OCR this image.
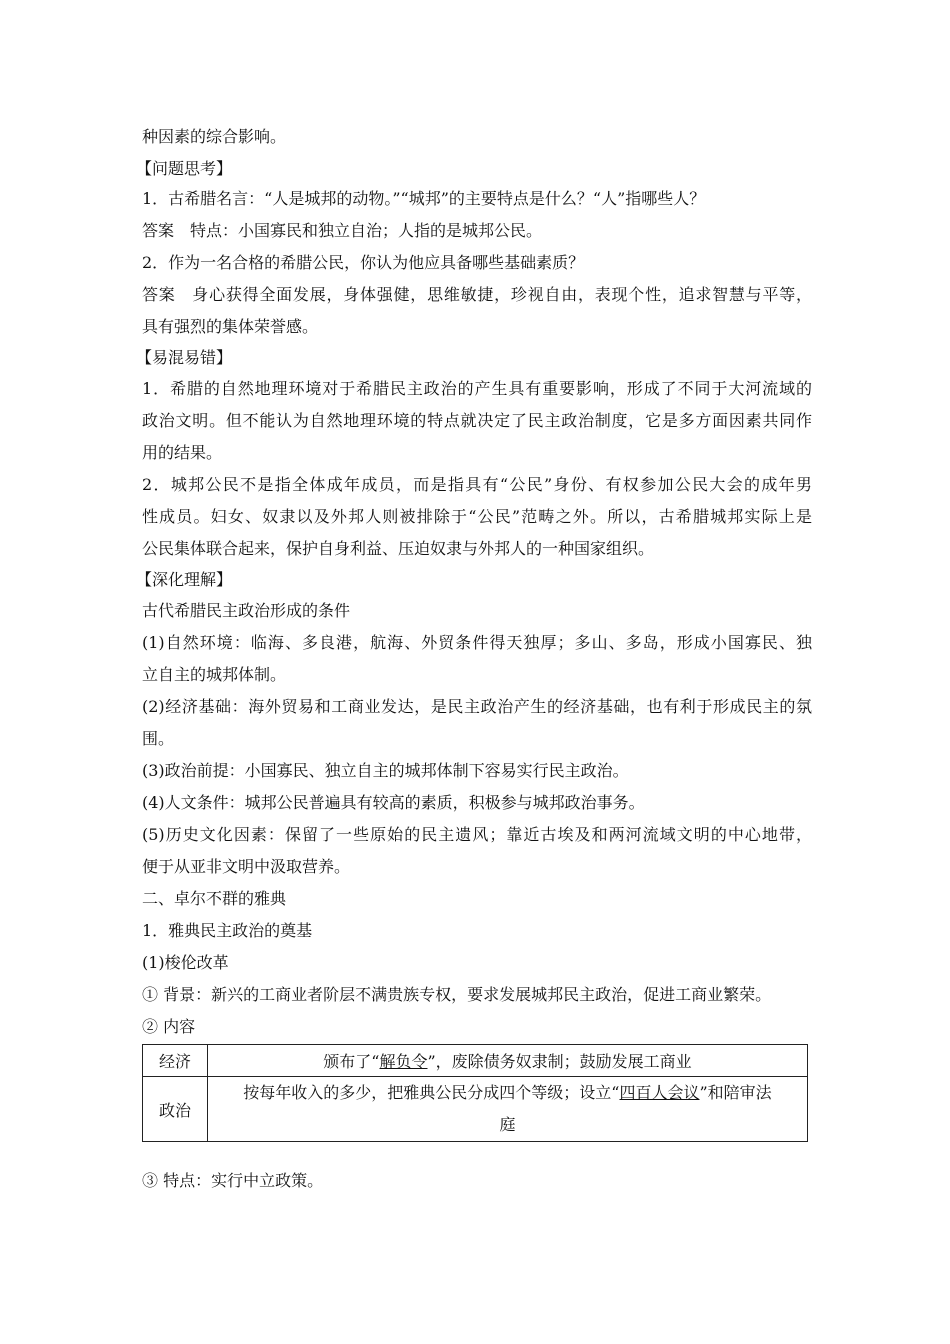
种因素的综合影响。
【问题思考】
1．古希腊名言：“人是城邦的动物。”“城邦”的主要特点是什么？“人”指哪些人？
答案　特点：小国寡民和独立自治；人指的是城邦公民。
2．作为一名合格的希腊公民，你认为他应具备哪些基础素质？
答案　身心获得全面发展，身体强健，思维敏捷，珍视自由，表现个性，追求智慧与平等，
具有强烈的集体荣誉感。
【易混易错】
1．希腊的自然地理环境对于希腊民主政治的产生具有重要影响，形成了不同于大河流域的
政治文明。但不能认为自然地理环境的特点就决定了民主政治制度，它是多方面因素共同作
用的结果。
2．城邦公民不是指全体成年成员，而是指具有“公民”身份、有权参加公民大会的成年男
性成员。妇女、奴隶以及外邦人则被排除于“公民”范畴之外。所以，古希腊城邦实际上是
公民集体联合起来，保护自身利益、压迫奴隶与外邦人的一种国家组织。
【深化理解】
古代希腊民主政治形成的条件
(1)自然环境：临海、多良港，航海、外贸条件得天独厚；多山、多岛，形成小国寡民、独
立自主的城邦体制。
(2)经济基础：海外贸易和工商业发达，是民主政治产生的经济基础，也有利于形成民主的氛
围。
(3)政治前提：小国寡民、独立自主的城邦体制下容易实行民主政治。
(4)人文条件：城邦公民普遍具有较高的素质，积极参与城邦政治事务。
(5)历史文化因素：保留了一些原始的民主遗风；靠近古埃及和两河流域文明的中心地带，
便于从亚非文明中汲取营养。
二、卓尔不群的雅典
1．雅典民主政治的奠基
(1)梭伦改革
① 背景：新兴的工商业者阶层不满贵族专权，要求发展城邦民主政治，促进工商业繁荣。
② 内容
经济	颁布了“解负令”，废除债务奴隶制；鼓励发展工商业
政治	按每年收入的多少，把雅典公民分成四个等级；设立“四百人会议”和陪审法
庭
③ 特点：实行中立政策。
